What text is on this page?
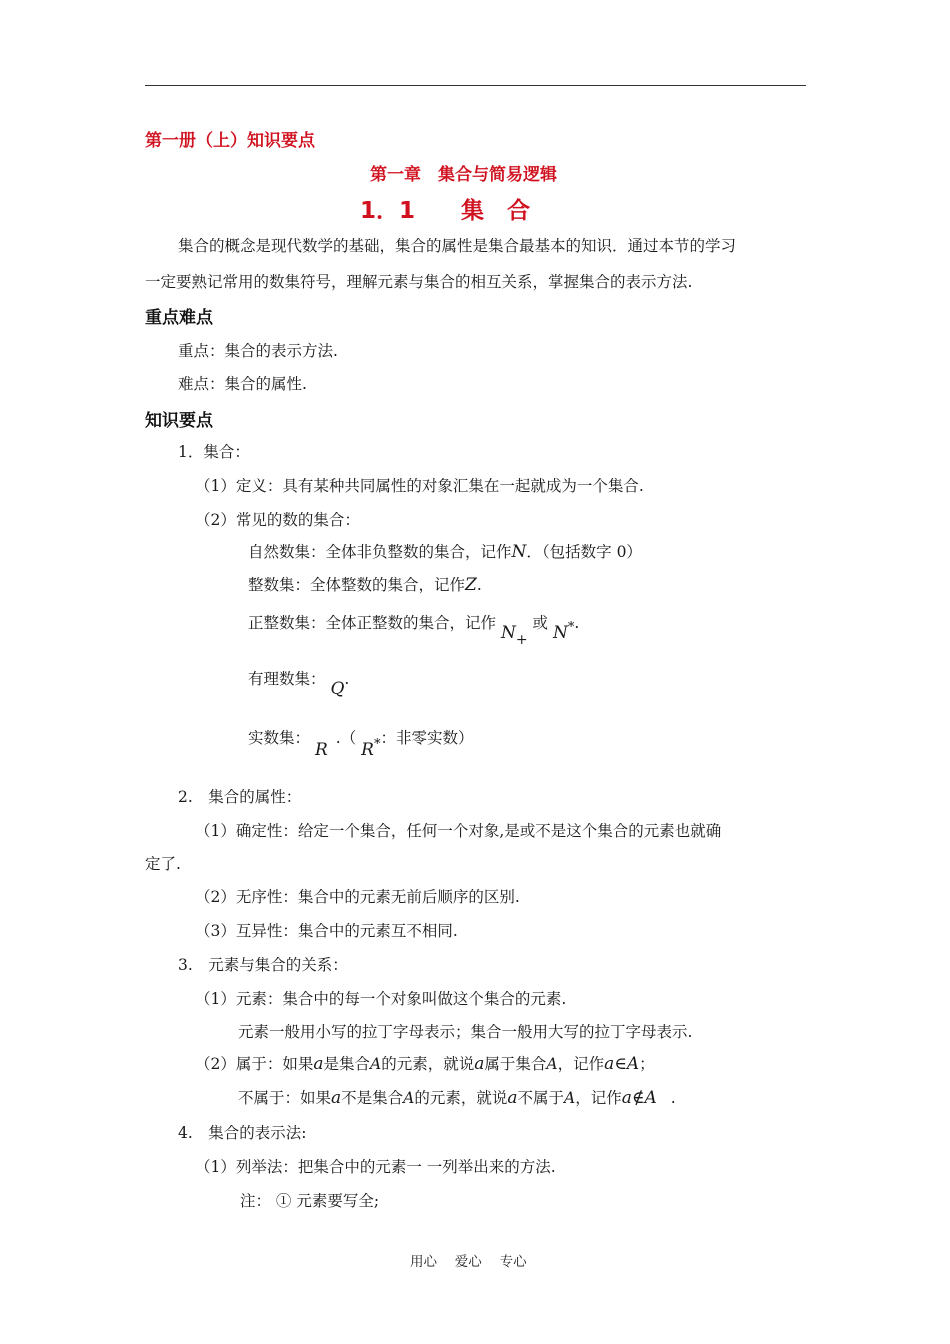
第一册（上）知识要点
第一章　集合与简易逻辑
1．1　　集　合
集合的概念是现代数学的基础，集合的属性是集合最基本的知识．通过本节的学习
一定要熟记常用的数集符号，理解元素与集合的相互关系，掌握集合的表示方法.
重点难点
重点：集合的表示方法.
难点：集合的属性.
知识要点
1．集合：
（1）定义：具有某种共同属性的对象汇集在一起就成为一个集合.
（2）常见的数的集合：
自然数集：全体非负整数的集合，记作N．（包括数字 0）
整数集：全体整数的集合，记作Z.
正整数集：全体正整数的集合，记作 $N_+$ 或 N*.
有理数集： Q.
实数集： R.（ R*：非零实数）
2.　集合的属性：
（1）确定性：给定一个集合，任何一个对象,是或不是这个集合的元素也就确
定了.
（2）无序性：集合中的元素无前后顺序的区别.
（3）互异性：集合中的元素互不相同.
3.　元素与集合的关系：
（1）元素：集合中的每一个对象叫做这个集合的元素.
元素一般用小写的拉丁字母表示；集合一般用大写的拉丁字母表示.
（2）属于：如果a是集合A的元素，就说a属于集合A，记作a∈A；
不属于：如果a不是集合A的元素，就说a不属于A，记作a∉A .
4.　集合的表示法:
（1）列举法：把集合中的元素一 一列举出来的方法.
注： ① 元素要写全;
用心　 爱心　 专心
